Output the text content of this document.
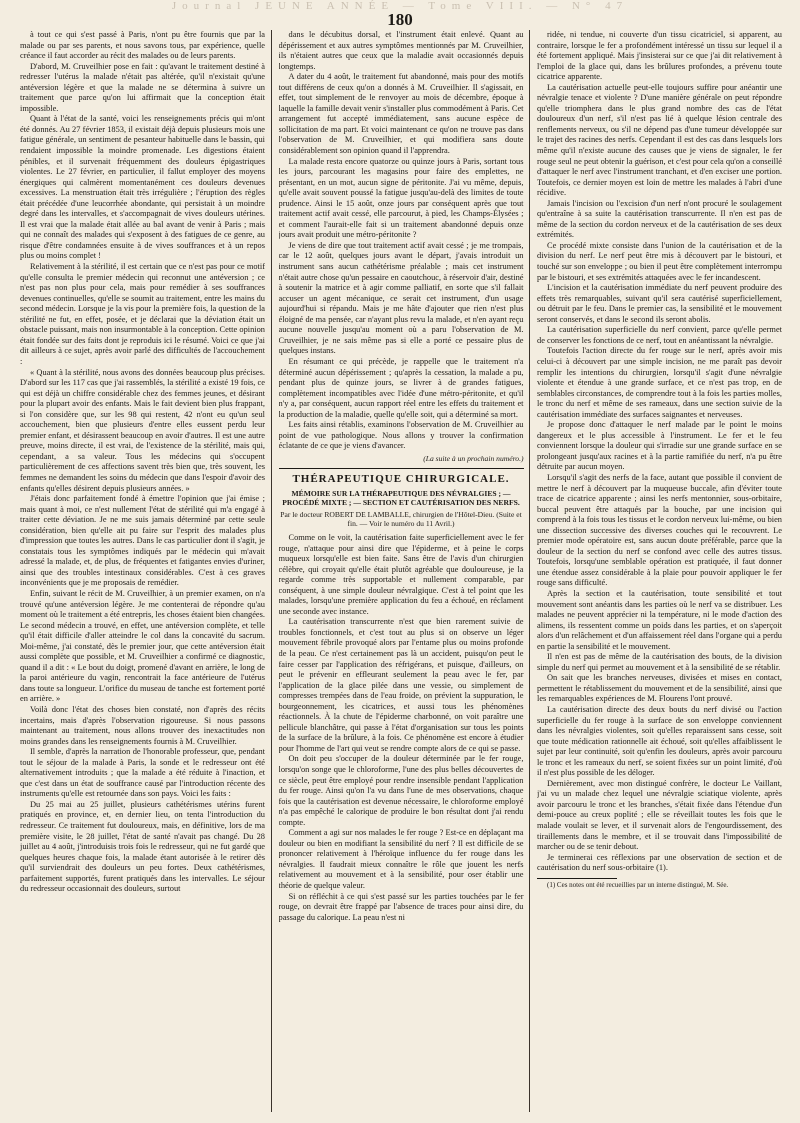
Journal JEUNE ANNÉE — Tome VIII. — N° 47
180

à tout ce qui s'est passé à Paris, n'ont pu être fournis que par la malade ou par ses parents, et nous savons tous, par expérience, quelle créance il faut accorder au récit des malades ou de leurs parents.

D'abord, M. Cruveilhier pose en fait : qu'avant le traitement destiné à redresser l'utérus la malade n'était pas altérée, qu'il n'existait qu'une antéversion légère et que la malade ne se détermina à suivre un traitement que parce qu'on lui affirmait que la conception était impossible.

Quant à l'état de la santé, voici les renseignements précis qui m'ont été donnés. Au 27 février 1853, il existait déjà depuis plusieurs mois une fatigue générale, un sentiment de pesanteur habituelle dans le bassin, qui rendaient impossible la moindre promenade. Les digestions étaient pénibles, et il survenait fréquemment des douleurs épigastriques violentes. Le 27 février, en particulier, il fallut employer des moyens énergiques qui calmèrent momentanément ces douleurs devenues excessives. La menstruation était très irrégulière ; l'éruption des règles était précédée d'une leucorrhée abondante, qui persistait à un moindre degré dans les intervalles, et s'accompagnait de vives douleurs utérines. Il est vrai que la malade était allée au bal avant de venir à Paris ; mais qui ne connaît des malades qui s'exposent à des fatigues de ce genre, au risque d'être condamnées ensuite à de vives souffrances et à un repos plus ou moins complet !

Relativement à la stérilité, il est certain que ce n'est pas pour ce motif qu'elle consulta le premier médecin qui reconnut une antéversion ; ce n'est pas non plus pour cela, mais pour remédier à ses souffrances devenues continuelles, qu'elle se soumit au traitement, entre les mains du second médecin. Lorsque je la vis pour la première fois, la question de la stérilité ne fut, en effet, posée, et je déclarai que la déviation était un obstacle puissant, mais non insurmontable à la conception. Cette opinion était fondée sur des faits dont je reproduis ici le résumé. Voici ce que j'ai dit ailleurs à ce sujet, après avoir parlé des difficultés de l'accouchement :

« Quant à la stérilité, nous avons des données beaucoup plus précises. D'abord sur les 117 cas que j'ai rassemblés, la stérilité a existé 19 fois, ce qui est déjà un chiffre considérable chez des femmes jeunes, et désirant pour la plupart avoir des enfants. Mais le fait devient bien plus frappant, si l'on considère que, sur les 98 qui restent, 42 n'ont eu qu'un seul accouchement, bien que plusieurs d'entre elles eussent perdu leur premier enfant, et désirassent beaucoup en avoir d'autres. Il est une autre preuve, moins directe, il est vrai, de l'existence de la stérilité, mais qui, cependant, a sa valeur. Tous les médecins qui s'occupent particulièrement de ces affections savent très bien que, très souvent, les femmes ne demandent les soins du médecin que dans l'espoir d'avoir des enfants qu'elles désirent depuis plusieurs années. »

J'étais donc parfaitement fondé à émettre l'opinion que j'ai émise ; mais quant à moi, ce n'est nullement l'état de stérilité qui m'a engagé à traiter cette déviation. Je ne me suis jamais déterminé par cette seule considération, bien qu'elle ait pu faire sur l'esprit des malades plus d'impression que toutes les autres. Dans le cas particulier dont il s'agit, je constatais tous les symptômes indiqués par le médecin qui m'avait adressé la malade, et, de plus, de fréquentes et fatigantes envies d'uriner, ainsi que des troubles intestinaux considérables. C'est à ces graves inconvénients que je me proposais de remédier.

Enfin, suivant le récit de M. Cruveilhier, à un premier examen, on n'a trouvé qu'une antéversion légère. Je me contenterai de répondre qu'au moment où le traitement a été entrepris, les choses étaient bien changées. Le second médecin a trouvé, en effet, une antéversion complète, et telle qu'il était difficile d'aller atteindre le col dans la concavité du sacrum. Moi-même, j'ai constaté, dès le premier jour, que cette antéversion était aussi complète que possible, et M. Cruveilhier a confirmé ce diagnostic, quand il a dit : « Le bout du doigt, promené d'avant en arrière, le long de la paroi antérieure du vagin, rencontrait la face antérieure de l'utérus dans toute sa longueur. L'orifice du museau de tanche est fortement porté en arrière. »

Voilà donc l'état des choses bien constaté, non d'après des récits incertains, mais d'après l'observation rigoureuse. Si nous passons maintenant au traitement, nous allons trouver des inexactitudes non moins grandes dans les renseignements fournis à M. Cruveilhier.

Il semble, d'après la narration de l'honorable professeur, que, pendant tout le séjour de la malade à Paris, la sonde et le redresseur ont été alternativement introduits ; que la malade a été réduite à l'inaction, et que c'est dans un état de souffrance causé par l'introduction récente des instruments qu'elle est retournée dans son pays. Voici les faits :

Du 25 mai au 25 juillet, plusieurs cathétérismes utérins furent pratiqués en province, et, en dernier lieu, on tenta l'introduction du redresseur. Ce traitement fut douloureux, mais, en définitive, lors de ma première visite, le 28 juillet, l'état de santé n'avait pas changé. Du 28 juillet au 4 août, j'introduisis trois fois le redresseur, qui ne fut gardé que quelques heures chaque fois, la malade étant autorisée à le retirer dès qu'il surviendrait des douleurs un peu fortes. Deux cathétérismes, parfaitement supportés, furent pratiqués dans les intervalles. Le séjour du redresseur occasionnait des douleurs, surtout

dans le décubitus dorsal, et l'instrument était enlevé. Quant au dépérissement et aux autres symptômes mentionnés par M. Cruveilhier, ils n'étaient autres que ceux que la maladie avait occasionnés depuis longtemps.

A dater du 4 août, le traitement fut abandonné, mais pour des motifs tout différens de ceux qu'on a donnés à M. Cruveilhier. Il s'agissait, en effet, tout simplement de le renvoyer au mois de décembre, époque à laquelle la famille devait venir s'installer plus commodément à Paris. Cet arrangement fut accepté immédiatement, sans aucune espèce de sollicitation de ma part. Et voici maintenant ce qu'on ne trouve pas dans l'observation de M. Cruveilhier, et qui modifiera sans doute considérablement son opinion quand il l'apprendra.

La malade resta encore quatorze ou quinze jours à Paris, sortant tous les jours, parcourant les magasins pour faire des emplettes, ne présentant, en un mot, aucun signe de péritonite. J'ai vu même, depuis, qu'elle avait souvent poussé la fatigue jusqu'au-delà des limites de toute prudence. Ainsi le 15 août, onze jours par conséquent après que tout traitement actif avait cessé, elle parcourut, à pied, les Champs-Élysées ; et comment l'aurait-elle fait si un traitement abandonné depuis onze jours avait produit une métro-péritonite ?

Je viens de dire que tout traitement actif avait cessé ; je me trompais, car le 12 août, quelques jours avant le départ, j'avais introduit un instrument sans aucun cathétérisme préalable ; mais cet instrument n'était autre chose qu'un pessaire en caoutchouc, à réservoir d'air, destiné à soutenir la matrice et à agir comme palliatif, en sorte que s'il fallait accuser un agent mécanique, ce serait cet instrument, d'un usage aujourd'hui si répandu. Mais je me hâte d'ajouter que rien n'est plus éloigné de ma pensée, car n'ayant plus revu la malade, et n'en ayant reçu aucune nouvelle jusqu'au moment où a paru l'observation de M. Cruveilhier, je ne sais même pas si elle a porté ce pessaire plus de quelques instans.

En résumant ce qui précède, je rappelle que le traitement n'a déterminé aucun dépérissement ; qu'après la cessation, la malade a pu, pendant plus de quinze jours, se livrer à de grandes fatigues, complètement incompatibles avec l'idée d'une métro-péritonite, et qu'il n'y a, par conséquent, aucun rapport réel entre les effets du traitement et la production de la maladie, quelle qu'elle soit, qui a déterminé sa mort.

Les faits ainsi rétablis, examinons l'observation de M. Cruveilhier au point de vue pathologique. Nous allons y trouver la confirmation éclatante de ce que je viens d'avancer.

(La suite à un prochain numéro.)
THÉRAPEUTIQUE CHIRURGICALE.
MÉMOIRE SUR LA THÉRAPEUTIQUE DES NÉVRALGIES ; — PROCÉDÉ MIXTE ; — SECTION ET CAUTÉRISATION DES NERFS.
Par le docteur ROBERT DE LAMBALLE, chirurgien de l'Hôtel-Dieu. (Suite et fin. — Voir le numéro du 11 Avril.)

Comme on le voit, la cautérisation faite superficiellement avec le fer rouge, n'attaque pour ainsi dire que l'épiderme, et à peine le corps muqueux lorsqu'elle est bien faite. Sans être de l'avis d'un chirurgien célèbre, qui croyait qu'elle était plutôt agréable que douloureuse, je la regarde comme très supportable et nullement comparable, par conséquent, à une simple douleur névralgique. C'est à tel point que les malades, lorsqu'une première application du feu a échoué, en réclament une seconde avec instance.

La cautérisation transcurrente n'est que bien rarement suivie de troubles fonctionnels, et c'est tout au plus si on observe un léger mouvement fébrile provoqué alors par l'entame plus ou moins profonde de la peau. Ce n'est certainement pas là un accident, puisqu'on peut le faire cesser par l'application des réfrigérans, et puisque, d'ailleurs, on peut le prévenir en effleurant seulement la peau avec le fer, par l'application de la glace pilée dans une vessie, ou simplement de compresses trempées dans de l'eau froide, on prévient la suppuration, le bourgeonnement, les cicatrices, et aussi tous les phénomènes réactionnels. À la chute de l'épiderme charbonné, on voit paraître une pellicule blanchâtre, qui passe à l'état d'organisation sur tous les points de la surface de la brûlure, à la fois. Ce phénomène est encore à étudier pour l'homme de l'art qui veut se rendre compte alors de ce qui se passe.

On doit peu s'occuper de la douleur déterminée par le fer rouge, lorsqu'on songe que le chloroforme, l'une des plus belles découvertes de ce siècle, peut être employé pour rendre insensible pendant l'application du fer rouge. Ainsi qu'on l'a vu dans l'une de mes observations, chaque fois que la cautérisation est devenue nécessaire, le chloroforme employé n'a pas empêché le calorique de produire le bon résultat dont j'ai rendu compte.

Comment a agi sur nos malades le fer rouge ? Est-ce en déplaçant ma douleur ou bien en modifiant la sensibilité du nerf ? Il est difficile de se prononcer relativement à l'héroïque influence du fer rouge dans les névralgies. Il faudrait mieux connaître le rôle que jouent les nerfs relativement au mouvement et à la sensibilité, pour oser établir une théorie de quelque valeur.

Si on réfléchit à ce qui s'est passé sur les parties touchées par le fer rouge, on devrait être frappé par l'absence de traces pour ainsi dire, du passage du calorique. La peau n'est ni

ridée, ni tendue, ni couverte d'un tissu cicatriciel, si apparent, au contraire, lorsque le fer a profondément intéressé un tissu sur lequel il a été fortement appliqué. Mais j'insisterai sur ce que j'ai dit relativement à l'emploi de la glace qui, dans les brûlures profondes, a prévenu toute cicatrice apparente.

La cautérisation actuelle peut-elle toujours suffire pour anéantir une névralgie tenace et violente ? D'une manière générale on peut répondre qu'elle triomphera dans le plus grand nombre des cas de l'état douloureux d'un nerf, s'il n'est pas lié à quelque lésion centrale des renflements nerveux, ou s'il ne dépend pas d'une tumeur développée sur le trajet des racines des nerfs. Cependant il est des cas dans lesquels lors même qu'il n'existe aucune des causes que je viens de signaler, le fer rouge seul ne peut obtenir la guérison, et c'est pour cela qu'on a conseillé d'attaquer le nerf avec l'instrument tranchant, et d'en exciser une portion. Toutefois, ce dernier moyen est loin de mettre les malades à l'abri d'une récidive.

Jamais l'incision ou l'excision d'un nerf n'ont procuré le soulagement qu'entraîne à sa suite la cautérisation transcurrente. Il n'en est pas de même de la section du cordon nerveux et de la cautérisation de ses deux extrémités.

Ce procédé mixte consiste dans l'union de la cautérisation et de la division du nerf. Le nerf peut être mis à découvert par le bistouri, et touché sur son enveloppe ; ou bien il peut être complètement interrompu par le bistouri, et ses extrémités attaquées avec le fer incandescent.

L'incision et la cautérisation immédiate du nerf peuvent produire des effets très remarquables, suivant qu'il sera cautérisé superficiellement, ou détruit par le feu. Dans le premier cas, la sensibilité et le mouvement seront conservés, et dans le second ils seront abolis.

La cautérisation superficielle du nerf convient, parce qu'elle permet de conserver les fonctions de ce nerf, tout en anéantissant la névralgie.

Toutefois l'action directe du fer rouge sur le nerf, après avoir mis celui-ci à découvert par une simple incision, ne me paraît pas devoir remplir les intentions du chirurgien, lorsqu'il s'agit d'une névralgie violente et étendue à une grande surface, et ce n'est pas trop, en de semblables circonstances, de comprendre tout à la fois les parties molles, le tronc du nerf et même de ses rameaux, dans une section suivie de la cautérisation immédiate des surfaces saignantes et nerveuses.

Je propose donc d'attaquer le nerf malade par le point le moins dangereux et le plus accessible à l'instrument. Le fer et le feu conviennent lorsque la douleur qui s'irradie sur une grande surface en se prolongeant jusqu'aux racines et à la partie ramifiée du nerf, n'a pu être détruite par aucun moyen.

Lorsqu'il s'agit des nerfs de la face, autant que possible il convient de mettre le nerf à découvert par la muqueuse buccale, afin d'éviter toute trace de cicatrice apparente ; ainsi les nerfs mentonnier, sous-orbitaire, buccal peuvent être attaqués par la bouche, par une incision qui comprend à la fois tous les tissus et le cordon nerveux lui-même, ou bien une dissection successive des diverses couches qui le recouvrent. Le premier mode opératoire est, sans aucun doute préférable, parce que la douleur de la section du nerf se confond avec celle des autres tissus. Toutefois, lorsqu'une semblable opération est pratiquée, il faut donner une étendue assez considérable à la plaie pour pouvoir appliquer le fer rouge sans difficulté.

Après la section et la cautérisation, toute sensibilité et tout mouvement sont anéantis dans les parties où le nerf va se distribuer. Les malades ne peuvent apprécier ni la température, ni le mode d'action des alimens, ils ressentent comme un poids dans les parties, et on s'aperçoit alors d'un relâchement et d'un affaissement réel dans l'organe qui a perdu en partie la sensibilité et le mouvement.

Il n'en est pas de même de la cautérisation des bouts, de la division simple du nerf qui permet au mouvement et à la sensibilité de se rétablir.

On sait que les branches nerveuses, divisées et mises en contact, permettent le rétablissement du mouvement et de la sensibilité, ainsi que les remarquables expériences de M. Flourens l'ont prouvé.

La cautérisation directe des deux bouts du nerf divisé ou l'action superficielle du fer rouge à la surface de son enveloppe conviennent dans les névralgies violentes, soit qu'elles reparaissent sans cesse, soit que toute médication rationnelle ait échoué, soit qu'elles affaiblissent le sujet par leur continuité, soit qu'enfin les douleurs, après avoir parcouru le tronc et les rameaux du nerf, se soient fixées sur un point limité, d'où il n'est plus possible de les déloger.

Dernièrement, avec mon distingué confrère, le docteur Le Vaillant, j'ai vu un malade chez lequel une névralgie sciatique violente, après avoir parcouru le tronc et les branches, s'était fixée dans l'étendue d'un demi-pouce au creux poplité ; elle se réveillait toutes les fois que le malade voulait se lever, et il survenait alors de l'engourdissement, des tiraillements dans le membre, et il se trouvait dans l'impossibilité de marcher ou de se tenir debout.

Je terminerai ces réflexions par une observation de section et de cautérisation du nerf sous-orbitaire (1).

(1) Ces notes ont été recueillies par un interne distingué, M. Sée.
